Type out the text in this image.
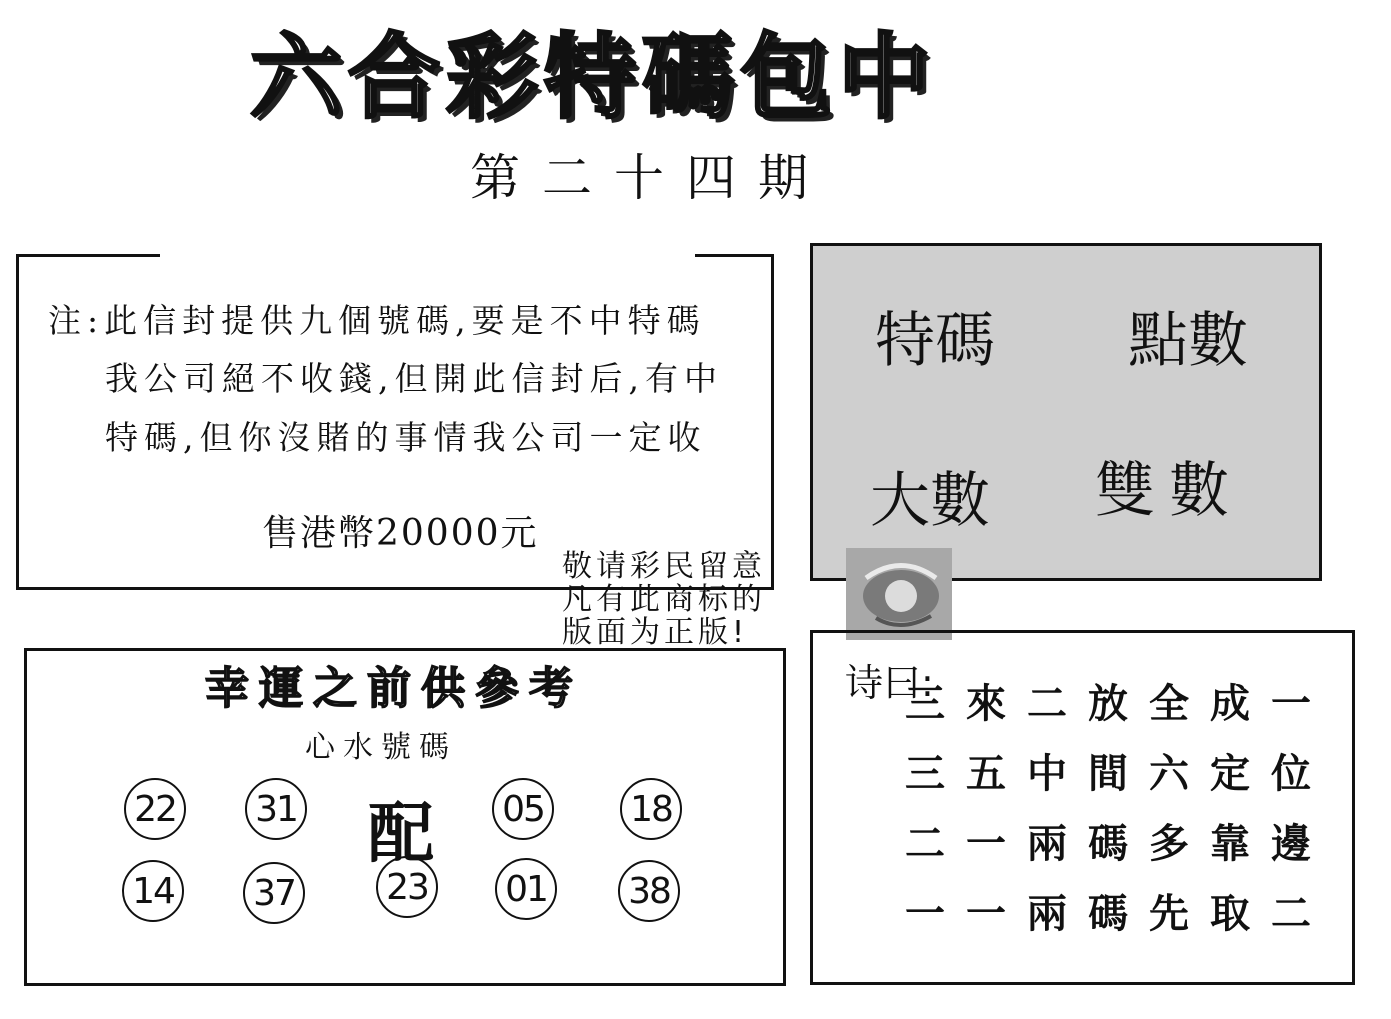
六合彩特碼包中
第二十四期
注:此信封提供九個號碼,要是不中特碼
我公司絕不收錢,但開此信封后,有中
特碼,但你沒賭的事情我公司一定收
售港幣20000元
特碼 點數
大數 雙數
敬请彩民留意
凡有此商标的
版面为正版!
幸運之前供參考
心水號碼
22 31 配 05 18
14 37	23 01 38
诗曰:
三來二放全成一
三五中間六定位
二一兩碼多靠邊
一一兩碼先取二
